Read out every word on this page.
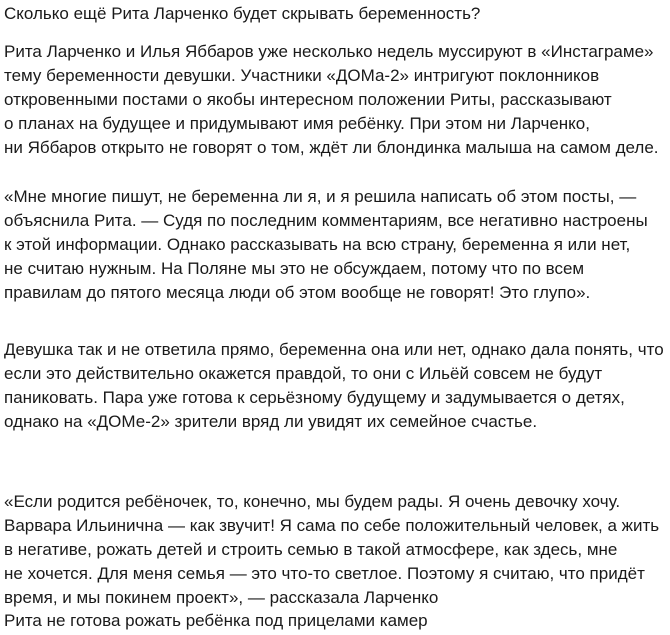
Сколько ещё Рита Ларченко будет скрывать беременность?

Рита Ларченко и Илья Яббаров уже несколько недель муссируют в «Инстаграме»
тему беременности девушки. Участники «ДОМа-2» интригуют поклонников
откровенными постами о якобы интересном положении Риты, рассказывают
о планах на будущее и придумывают имя ребёнку. При этом ни Ларченко,
ни Яббаров открыто не говорят о том, ждёт ли блондинка малыша на самом деле.

«Мне многие пишут, не беременна ли я, и я решила написать об этом посты, —
объяснила Рита. — Судя по последним комментариям, все негативно настроены
к этой информации. Однако рассказывать на всю страну, беременна я или нет,
не считаю нужным. На Поляне мы это не обсуждаем, потому что по всем
правилам до пятого месяца люди об этом вообще не говорят! Это глупо».

Девушка так и не ответила прямо, беременна она или нет, однако дала понять, что
если это действительно окажется правдой, то они с Ильёй совсем не будут
паниковать. Пара уже готова к серьёзному будущему и задумывается о детях,
однако на «ДОМе-2» зрители вряд ли увидят их семейное счастье.

«Если родится ребёночек, то, конечно, мы будем рады. Я очень девочку хочу.
Варвара Ильинична — как звучит! Я сама по себе положительный человек, а жить
в негативе, рожать детей и строить семью в такой атмосфере, как здесь, мне
не хочется. Для меня семья — это что-то светлое. Поэтому я считаю, что придёт
время, и мы покинем проект», — рассказала Ларченко

Рита не готова рожать ребёнка под прицелами камер
